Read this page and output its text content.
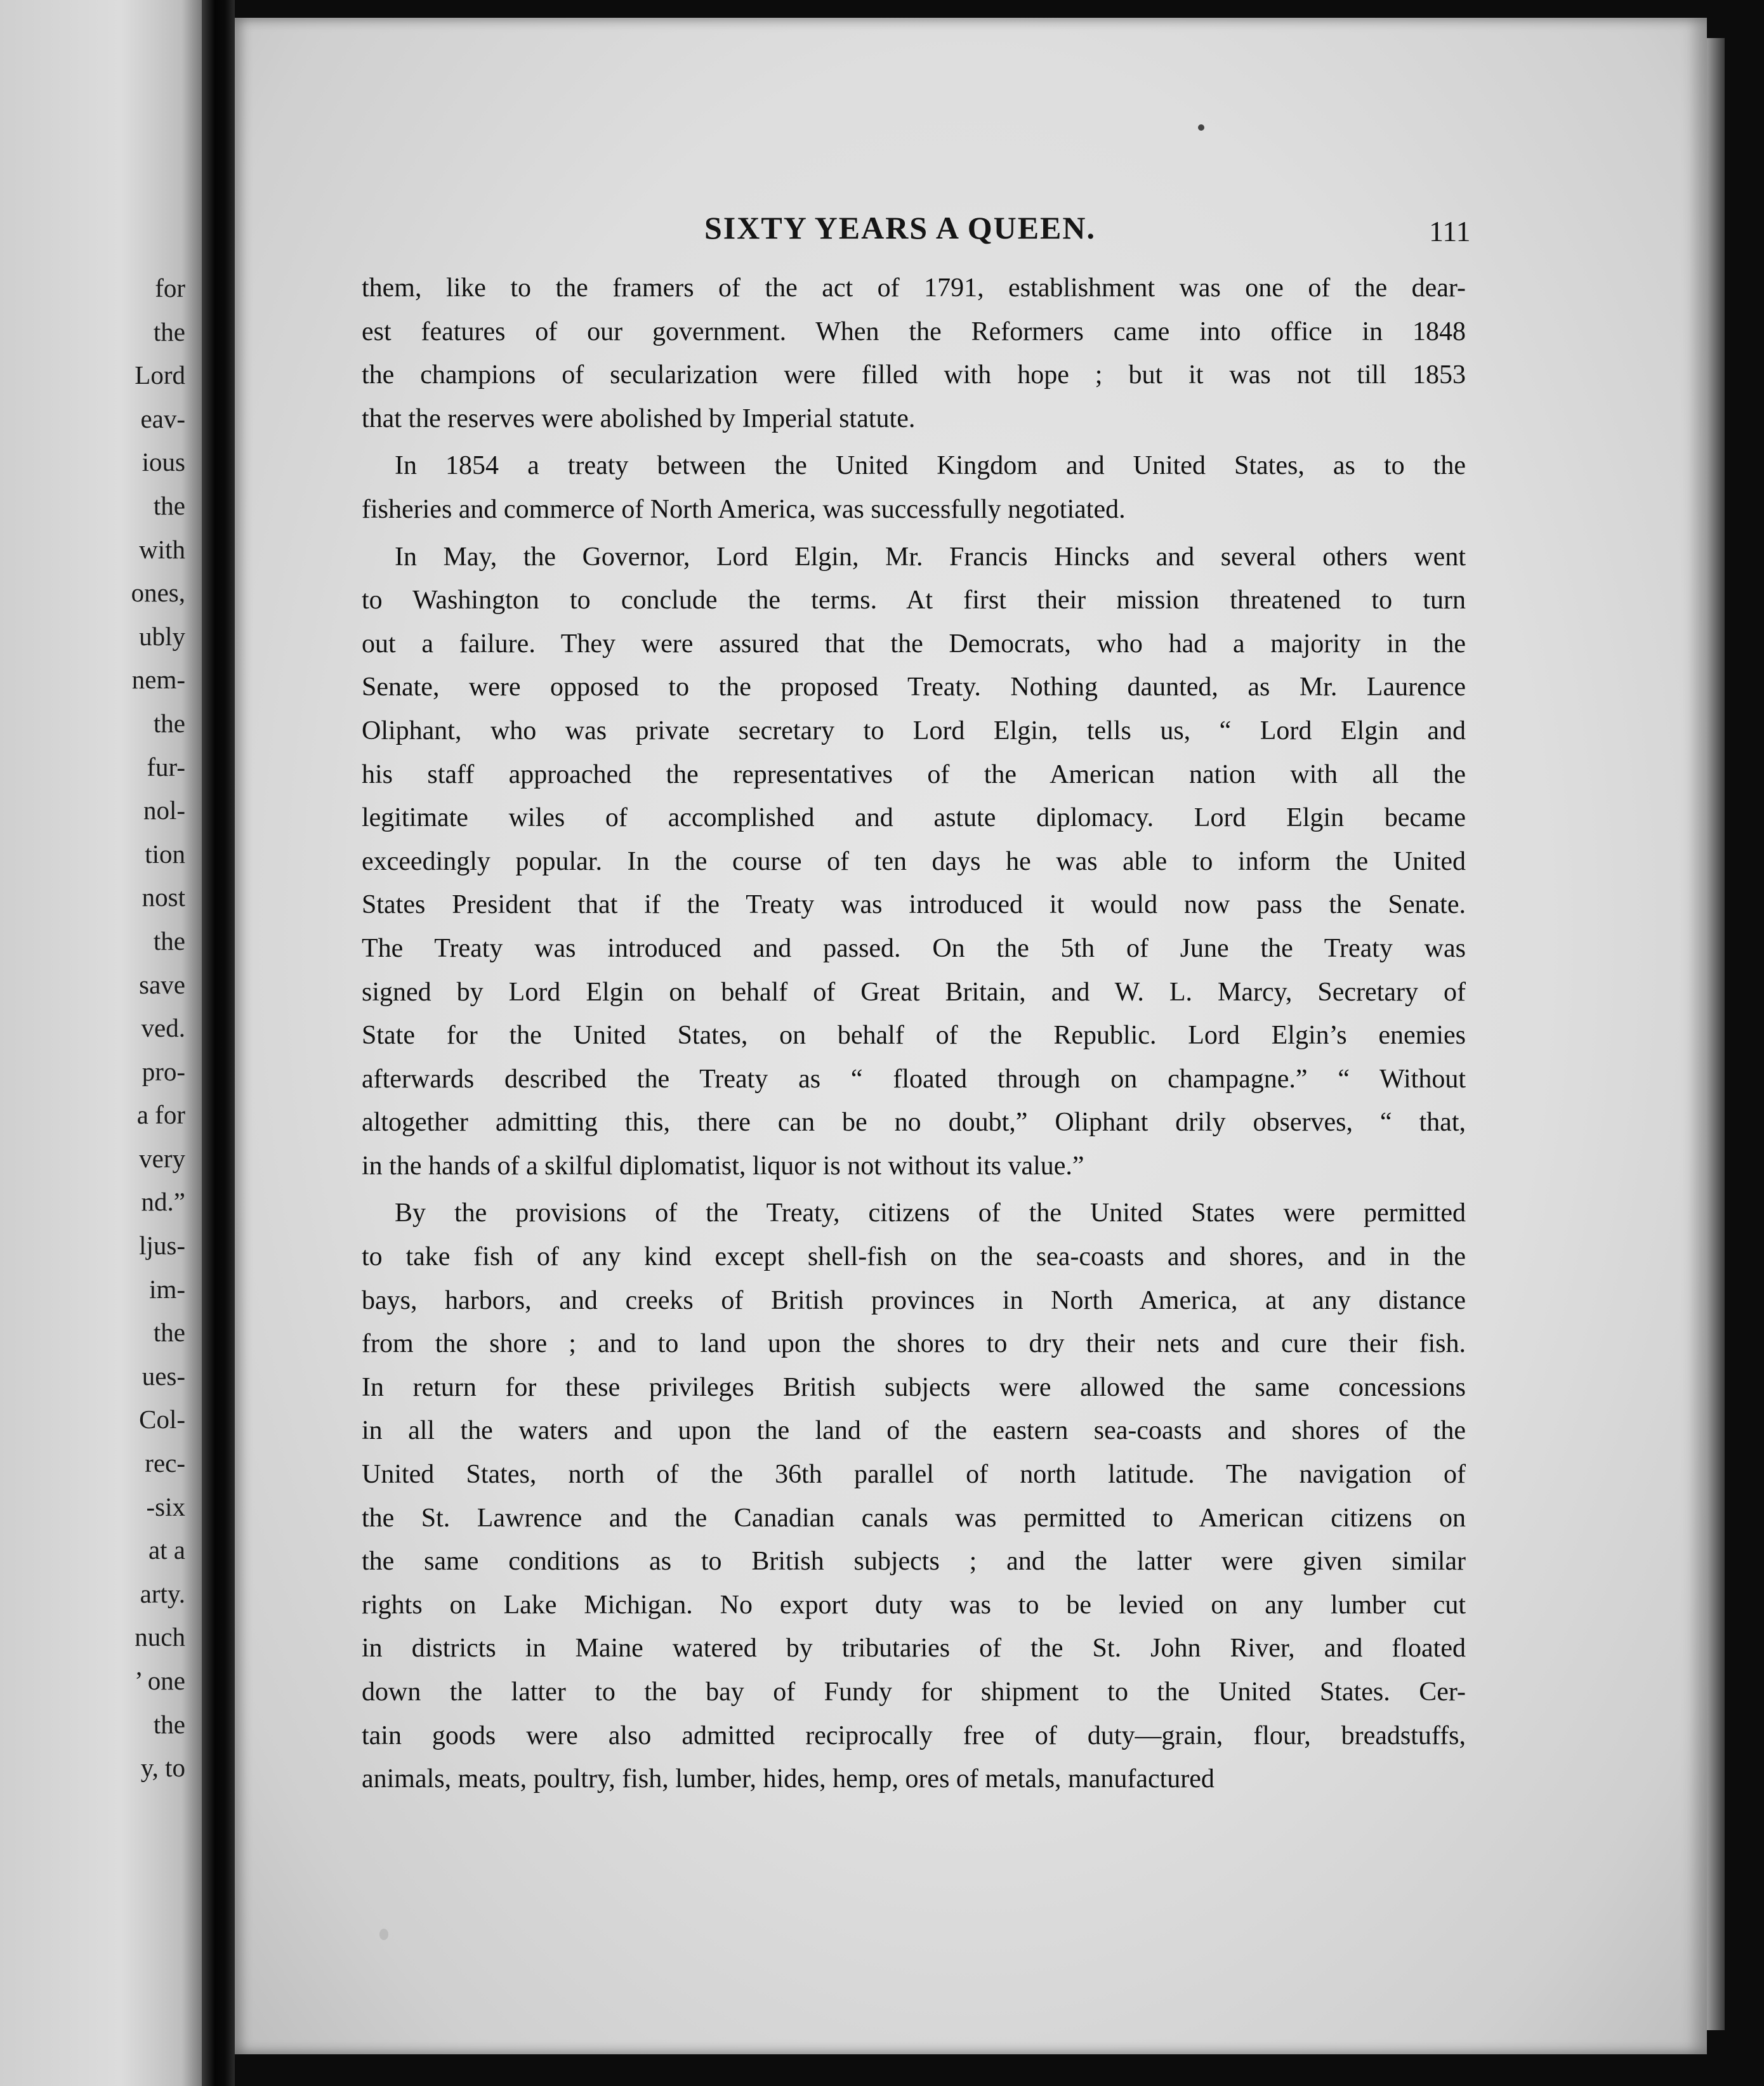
for
the
Lord
eav-
ious
the
with
ones,
ubly
nem-
the
fur-
nol-
tion
nost
the
save
ved.
pro-
a for
very
nd.”
ljus-
im-
the
ues-
Col-
rec-
-six
at a
arty.
nuch
’ one
the
y, to
SIXTY YEARS A QUEEN.	111
them, like to the framers of the act of 1791, establishment was one of the dear-
est features of our government. When the Reformers came into office in 1848
the champions of secularization were filled with hope ; but it was not till 1853
that the reserves were abolished by Imperial statute.
In 1854 a treaty between the United Kingdom and United States, as to the
fisheries and commerce of North America, was successfully negotiated.
In May, the Governor, Lord Elgin, Mr. Francis Hincks and several others went
to Washington to conclude the terms. At first their mission threatened to turn
out a failure. They were assured that the Democrats, who had a majority in the
Senate, were opposed to the proposed Treaty. Nothing daunted, as Mr. Laurence
Oliphant, who was private secretary to Lord Elgin, tells us, “ Lord Elgin and
his staff approached the representatives of the American nation with all the
legitimate wiles of accomplished and astute diplomacy. Lord Elgin became
exceedingly popular. In the course of ten days he was able to inform the United
States President that if the Treaty was introduced it would now pass the Senate.
The Treaty was introduced and passed. On the 5th of June the Treaty was
signed by Lord Elgin on behalf of Great Britain, and W. L. Marcy, Secretary of
State for the United States, on behalf of the Republic. Lord Elgin’s enemies
afterwards described the Treaty as “ floated through on champagne.” “ Without
altogether admitting this, there can be no doubt,” Oliphant drily observes, “ that,
in the hands of a skilful diplomatist, liquor is not without its value.”
By the provisions of the Treaty, citizens of the United States were permitted
to take fish of any kind except shell-fish on the sea-coasts and shores, and in the
bays, harbors, and creeks of British provinces in North America, at any distance
from the shore ; and to land upon the shores to dry their nets and cure their fish.
In return for these privileges British subjects were allowed the same concessions
in all the waters and upon the land of the eastern sea-coasts and shores of the
United States, north of the 36th parallel of north latitude. The navigation of
the St. Lawrence and the Canadian canals was permitted to American citizens on
the same conditions as to British subjects ; and the latter were given similar
rights on Lake Michigan. No export duty was to be levied on any lumber cut
in districts in Maine watered by tributaries of the St. John River, and floated
down the latter to the bay of Fundy for shipment to the United States. Cer-
tain goods were also admitted reciprocally free of duty—grain, flour, breadstuffs,
animals, meats, poultry, fish, lumber, hides, hemp, ores of metals, manufactured
